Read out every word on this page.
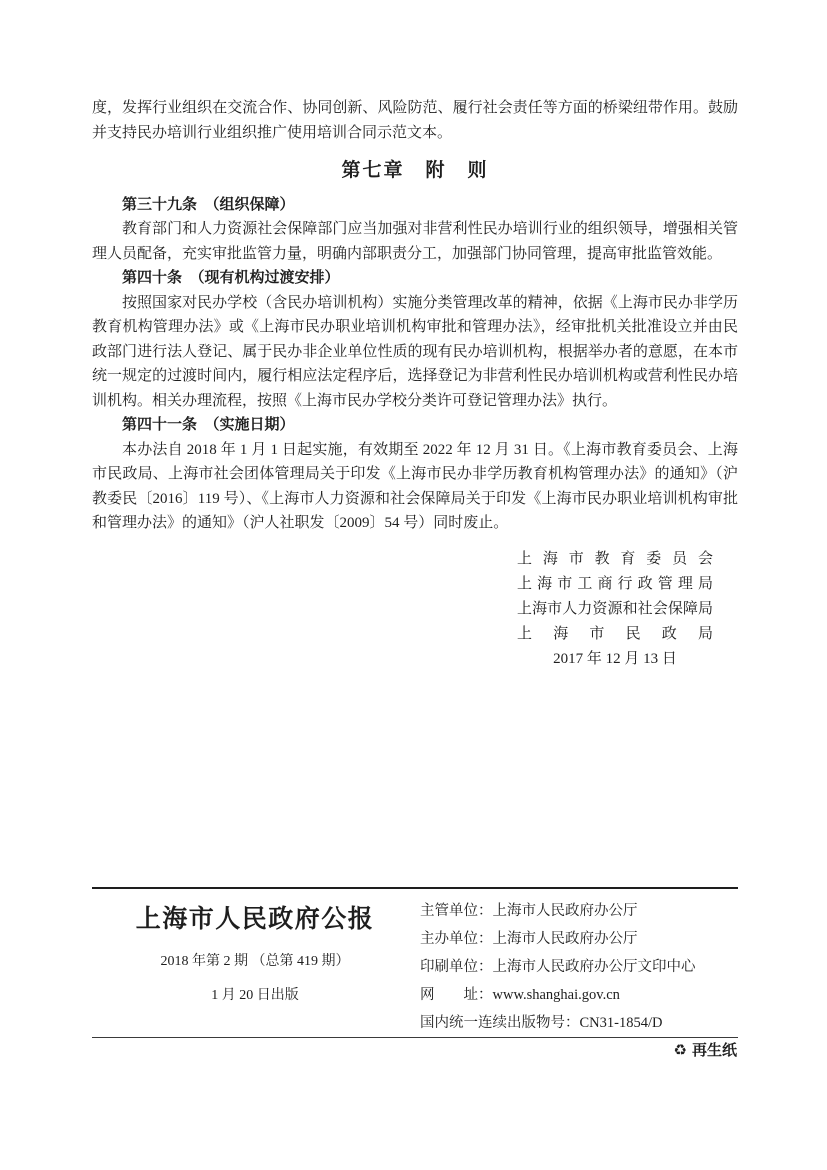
度，发挥行业组织在交流合作、协同创新、风险防范、履行社会责任等方面的桥梁纽带作用。鼓励并支持民办培训行业组织推广使用培训合同示范文本。

第七章　附　则

第三十九条　（组织保障）

教育部门和人力资源社会保障部门应当加强对非营利性民办培训行业的组织领导，增强相关管理人员配备，充实审批监管力量，明确内部职责分工，加强部门协同管理，提高审批监管效能。

第四十条　（现有机构过渡安排）

按照国家对民办学校（含民办培训机构）实施分类管理改革的精神，依据《上海市民办非学历教育机构管理办法》或《上海市民办职业培训机构审批和管理办法》，经审批机关批准设立并由民政部门进行法人登记、属于民办非企业单位性质的现有民办培训机构，根据举办者的意愿，在本市统一规定的过渡时间内，履行相应法定程序后，选择登记为非营利性民办培训机构或营利性民办培训机构。相关办理流程，按照《上海市民办学校分类许可登记管理办法》执行。

第四十一条　（实施日期）

本办法自 2018 年 1 月 1 日起实施，有效期至 2022 年 12 月 31 日。《上海市教育委员会、上海市民政局、上海市社会团体管理局关于印发《上海市民办非学历教育机构管理办法》的通知》（沪教委民〔2016〕119 号）、《上海市人力资源和社会保障局关于印发《上海市民办职业培训机构审批和管理办法》的通知》（沪人社职发〔2009〕54 号）同时废止。

上海市教育委员会
上海市工商行政管理局
上海市人力资源和社会保障局
上海市民政局
2017 年 12 月 13 日
上海市人民政府公报
2018 年第 2 期 （总第 419 期）
1 月 20 日出版
主管单位：上海市人民政府办公厅
主办单位：上海市人民政府办公厅
印刷单位：上海市人民政府办公厅文印中心
网　　址：www.shanghai.gov.cn
国内统一连续出版物号：CN31-1854/D
♻ 再生纸
